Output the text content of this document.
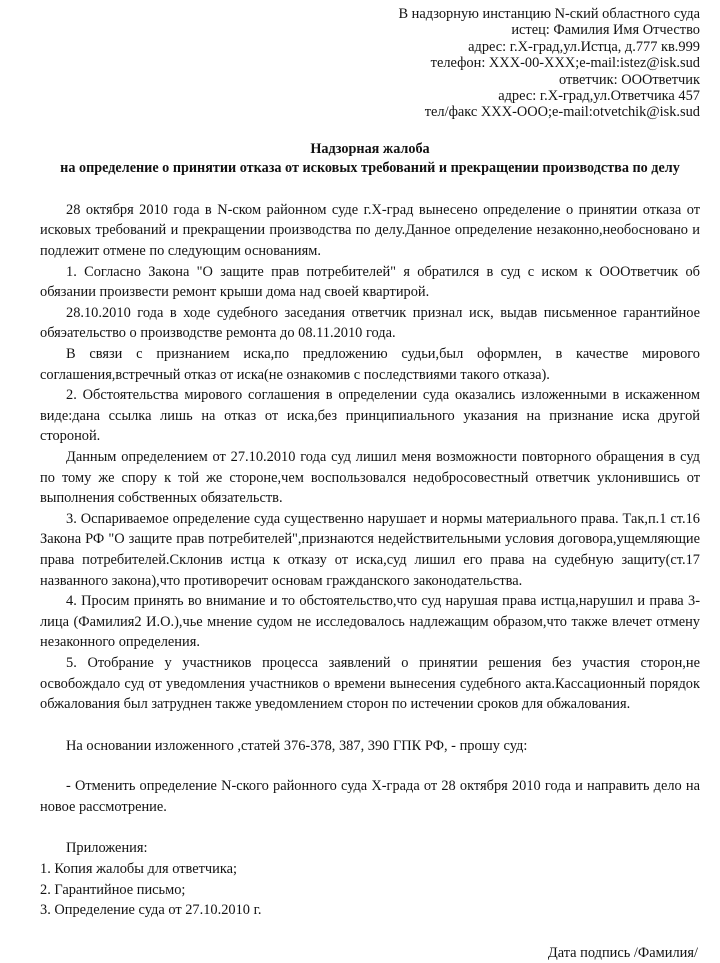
В надзорную инстанцию N-ский областного суда
истец: Фамилия Имя Отчество
адрес: г.Х-град,ул.Истца, д.777 кв.999
телефон: XXX-00-XXX;e-mail:istez@isk.sud
ответчик: ОООтветчик
адрес: г.Х-град,ул.Ответчика 457
тел/факс XXX-ООО;e-mail:otvetchik@isk.sud
Надзорная жалоба
на определение о принятии отказа от исковых требований и прекращении производства по делу

28 октября 2010 года в N-ском районном суде г.Х-град вынесено определение о принятии отказа от исковых требований и прекращении производства по делу.Данное определение незаконно,необосновано и подлежит отмене по следующим основаниям.

1. Согласно Закона "О защите прав потребителей" я обратился в суд с иском к ОООтветчик об обязании произвести ремонт крыши дома над своей квартирой.

28.10.2010 года в ходе судебного заседания ответчик признал иск, выдав письменное гарантийное обяэательство о производстве ремонта до 08.11.2010 года.

В связи с признанием иска,по предложению судьи,был оформлен, в качестве мирового соглашения,встречный отказ от иска(не ознакомив с последствиями такого отказа).

2. Обстоятельства мирового соглашения в определении суда оказались изложенными в искаженном виде:дана ссылка лишь на отказ от иска,без принципиального указания на признание иска другой стороной.

Данным определением от 27.10.2010 года суд лишил меня возможности повторного обращения в суд по тому же спору к той же стороне,чем воспользовался недобросовестный ответчик уклонившись от выполнения собственных обязательств.

3. Оспариваемое определение суда существенно нарушает и нормы материального права. Так,п.1 ст.16 Закона РФ "О защите прав потребителей",признаются недействительными условия договора,ущемляющие права потребителей.Склонив истца к отказу от иска,суд лишил его права на судебную защиту(ст.17 названного закона),что противоречит основам гражданского законодательства.

4. Просим принять во внимание и то обстоятельство,что суд нарушая права истца,нарушил и права 3-лица (Фамилия2 И.О.),чье мнение судом не исследовалось надлежащим образом,что также влечет отмену незаконного определения.

5. Отобрание у участников процесса заявлений о принятии решения без участия сторон,не освобождало суд от уведомления участников о времени вынесения судебного акта.Кассационный порядок обжалования был затруднен также уведомлением сторон по истечении сроков для обжалования.

На основании изложенного ,статей 376-378, 387, 390 ГПК РФ, - прошу суд:

- Отменить определение N-ского районного суда Х-града от 28 октября 2010 года и направить дело на новое рассмотрение.

Приложения:

1. Копия жалобы для ответчика;
2. Гарантийное письмо;
3. Определение суда от 27.10.2010 г.
Дата подпись /Фамилия/
